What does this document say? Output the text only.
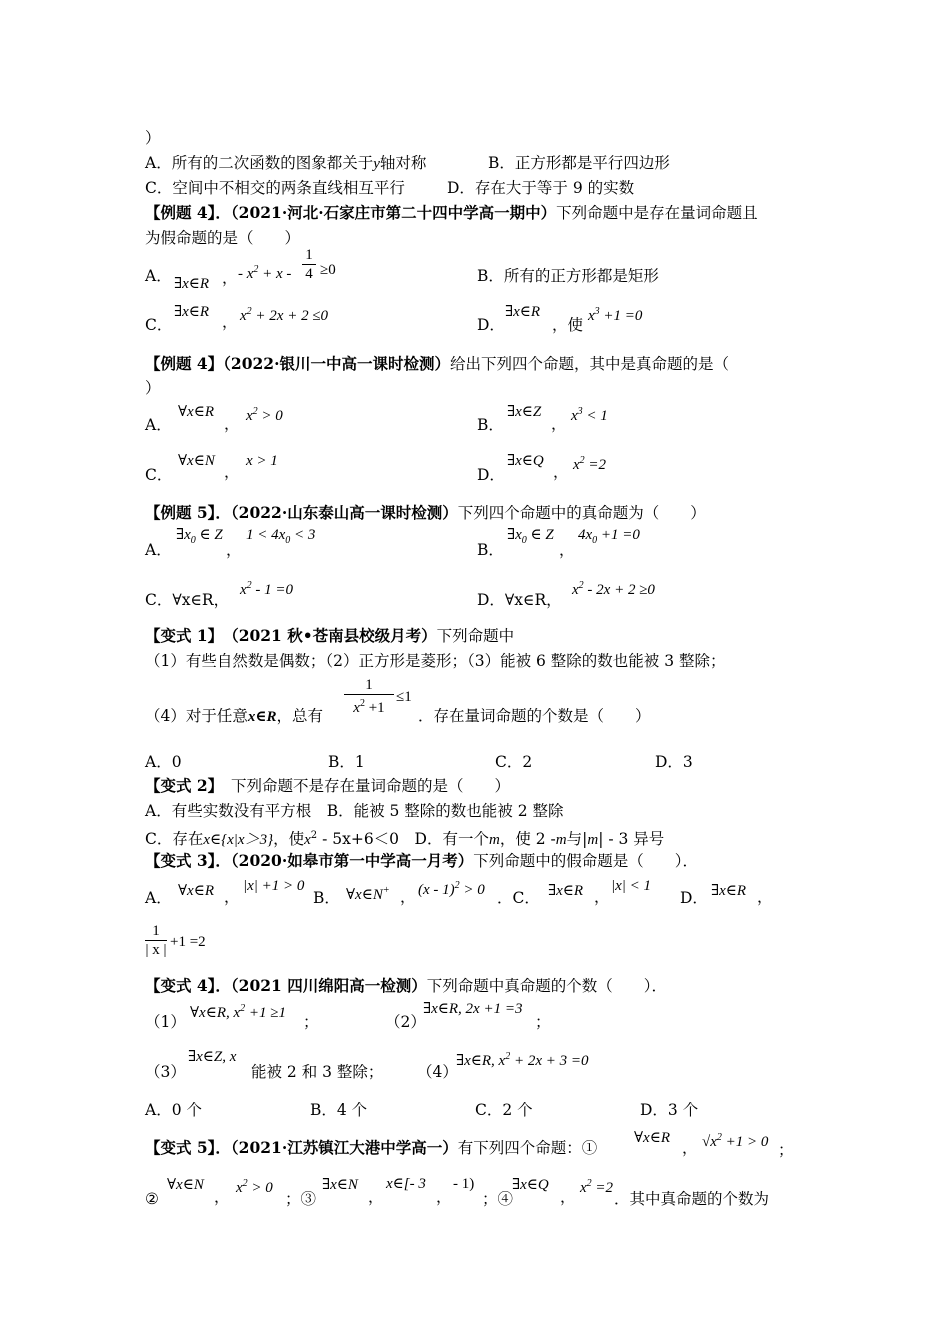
）
A．所有的二次函数的图象都关于y轴对称	B．正方形都是平行四边形
C．空间中不相交的两条直线相互平行	D．存在大于等于 9 的实数
【例题 4】．（2021·河北·石家庄市第二十四中学高一期中）下列命题中是存在量词命题且
为假命题的是（　　）
A． ∃x∈R ， - $x^2 + x$ -
1
4 ≥0	B．所有的正方形都是矩形
C．
∃x∈R
， $x^2 + 2x + 2 \le 0$	D．
∃x∈R
，使 $x^3 +1 =0$
【例题 4】（2022·银川一中高一课时检测）给出下列四个命题，其中是真命题的是（
）
A．
∀x∈R
， $x^2 > 0$	B．
∃x∈Z
， $x^3 < 1$
C．
∀x∈N
，
x > 1
D．
∃x∈Q
， $x^2 =2$
【例题 5】．（2022·山东泰山高一课时检测）下列四个命题中的真命题为（　　）
A．
$\exists x_0$ ∈ Z
，
$1 < 4x_0 < 3$
B．
$\exists x_0$ ∈ Z
，
$4x_0 +1 =0$
C．∀x∈R，
$x^2 - 1 =0$
D．∀x∈R，
$x^2 - 2x + 2 \ge 0$
【变式 1】　 （2021 秋•苍南县校级月考）下列命题中
（1）有些自然数是偶数；（2）正方形是菱形；（3）能被 6 整除的数也能被 3 整除；
（4）对于任意x∈R，总有
1
$x^2 +1$
≤1
．存在量词命题的个数是（　　）
A．0	B．1	C．2	D．3
【变式 2】　 下列命题不是存在量词命题的是（　　）
A．有些实数没有平方根　B．能被 5 整除的数也能被 2 整除
C．存在x∈{x|x＞3}，使$x^2 - 5x+6<0$　D．有一个m，使 2 -m与|m| - 3 异号
【变式 3】．（2020·如皋市第一中学高一月考）下列命题中的假命题是（　　）．
A． ∀x∈R ，
|x| +1 > 0
B． ∀x∈N+ ， (x - 1)$^2$ > 0 ．C． ∃x∈R ，
|x| < 1
D． ∃x∈R ，
1
| x | +1 =2
【变式 4】．（2021 四川绵阳高一检测）下列命题中真命题的个数（　　）．
（1） ∀x∈R, $x^2 +1 \ge 1$ ；	（2）
∃x∈R, 2x +1 =3
；
（3）
∃x∈Z, x
能被 2 和 3 整除； （4）
∃x∈R, $x^2 + 2x + 3 =0$
A．0 个	B．4 个	C．2 个	D．3 个
【变式 5】．（2021·江苏镇江大港中学高一）有下列四个命题：①
∀x∈R
， $√x^2 +1 > 0$ ；
②
∀x∈N
， $x^2 > 0$
；③
∃x∈N
，
x∈[- 3
，
- 1)
；④
∃x∈Q
， $x^2 =2$
．其中真命题的个数为
